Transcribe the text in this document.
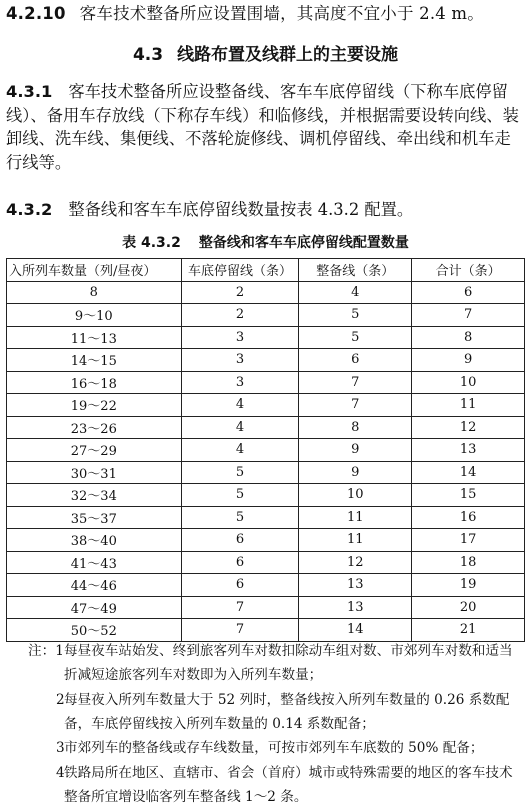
4.2.10 客车技术整备所应设置围墙，其高度不宜小于 2.4 m。
4.3 线路布置及线群上的主要设施
4.3.1 客车技术整备所应设整备线、客车车底停留线（下称车底停留线）、备用车存放线（下称存车线）和临修线，并根据需要设转向线、装卸线、洗车线、集便线、不落轮旋修线、调机停留线、牵出线和机车走行线等。
4.3.2 整备线和客车车底停留线数量按表 4.3.2 配置。
表 4.3.2 整备线和客车车底停留线配置数量
入所列车数量（列/昼夜）	车底停留线（条）	整备线（条）	合计（条）
8	2	4	6
9～10	2	5	7
11～13	3	5	8
14～15	3	6	9
16～18	3	7	10
19～22	4	7	11
23～26	4	8	12
27～29	4	9	13
30～31	5	9	14
32～34	5	10	15
35～37	5	11	16
38～40	6	11	17
41～43	6	12	18
44～46	6	13	19
47～49	7	13	20
50～52	7	14	21
注：1 每昼夜车站始发、终到旅客列车对数扣除动车组对数、市郊列车对数和适当折减短途旅客列车对数即为入所列车数量；
2 每昼夜入所列车数量大于 52 列时，整备线按入所列车数量的 0.26 系数配备，车底停留线按入所列车数量的 0.14 系数配备；
3 市郊列车的整备线或存车线数量，可按市郊列车车底数的 50% 配备；
4 铁路局所在地区、直辖市、省会（首府）城市或特殊需要的地区的客车技术整备所宜增设临客列车整备线 1～2 条。
